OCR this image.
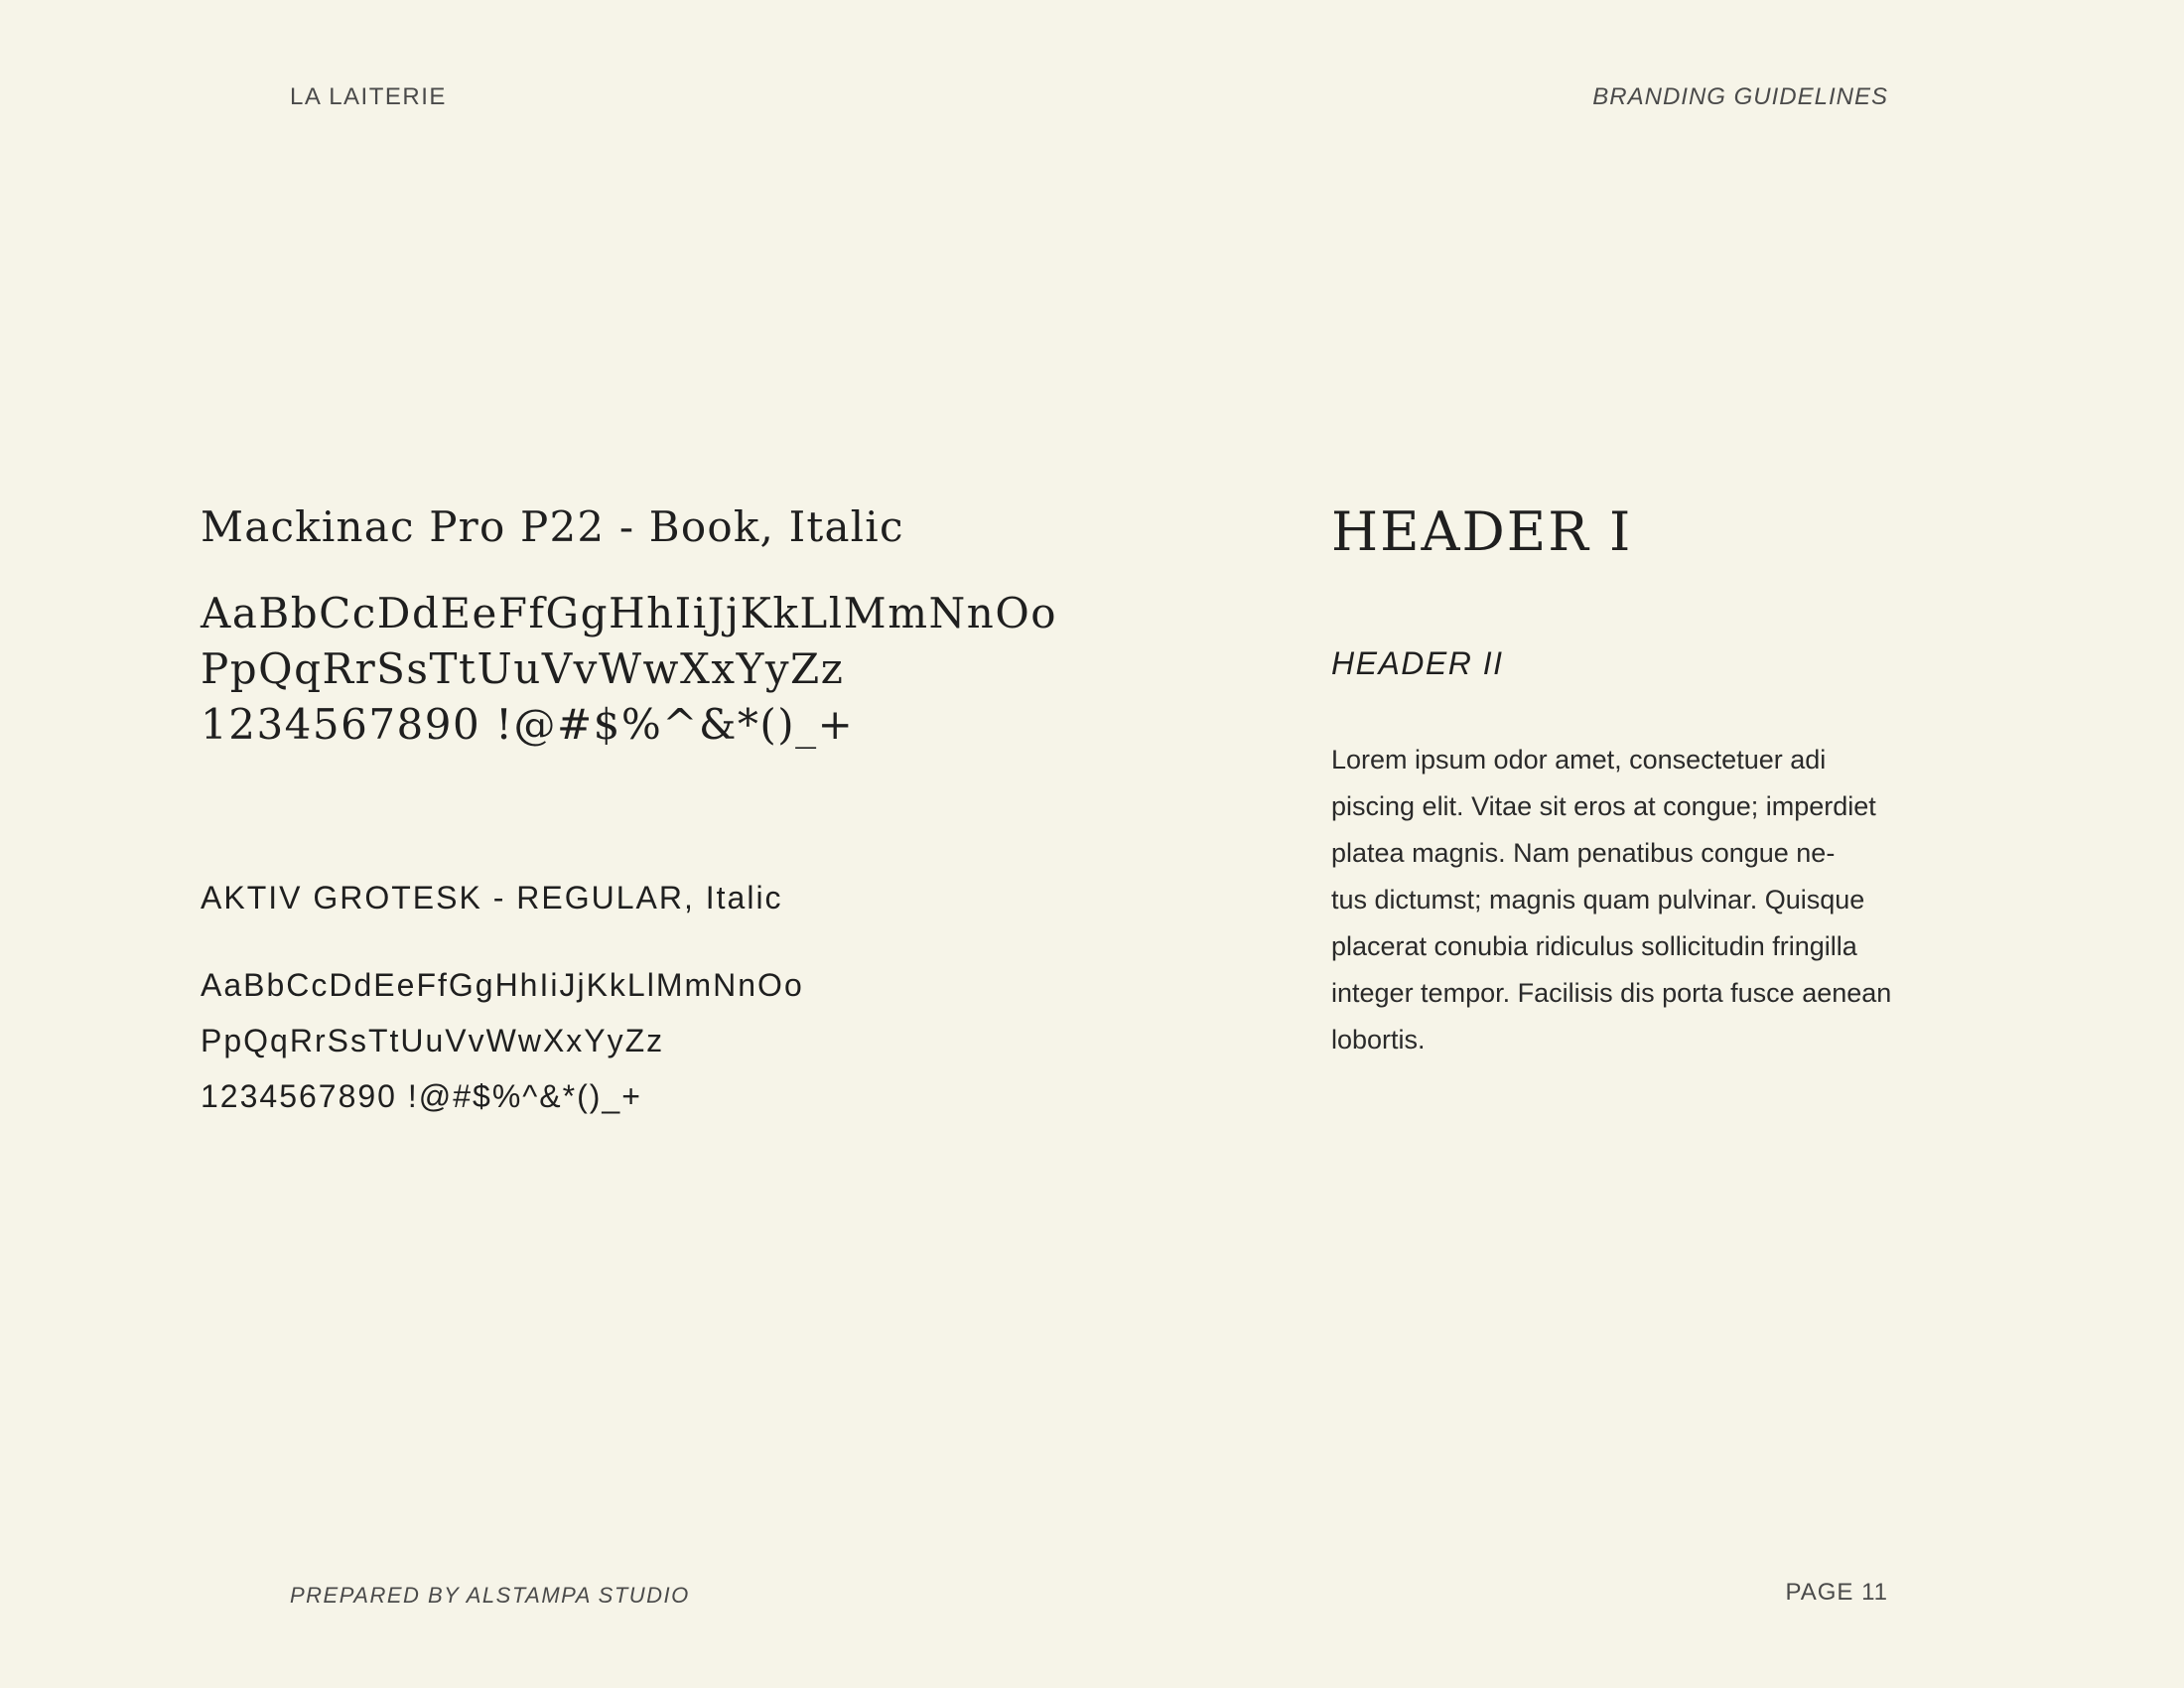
LA LAITERIE	BRANDING GUIDELINES

Mackinac Pro P22 - Book, Italic
AaBbCcDdEeFfGgHhIiJjKkLlMmNnOo
PpQqRrSsTtUuVvWwXxYyZz
1234567890 !@#$%^&*()_+
AKTIV GROTESK - REGULAR, Italic
AaBbCcDdEeFfGgHhIiJjKkLlMmNnOo
PpQqRrSsTtUuVvWwXxYyZz
1234567890 !@#$%^&*()_+
HEADER I
HEADER II
Lorem ipsum odor amet, consectetuer adi
piscing elit. Vitae sit eros at congue; imperdiet
platea magnis. Nam penatibus congue ne-
tus dictumst; magnis quam pulvinar. Quisque
placerat conubia ridiculus sollicitudin fringilla
integer tempor. Facilisis dis porta fusce aenean
lobortis.

PREPARED BY ALSTAMPA STUDIO	PAGE 11
